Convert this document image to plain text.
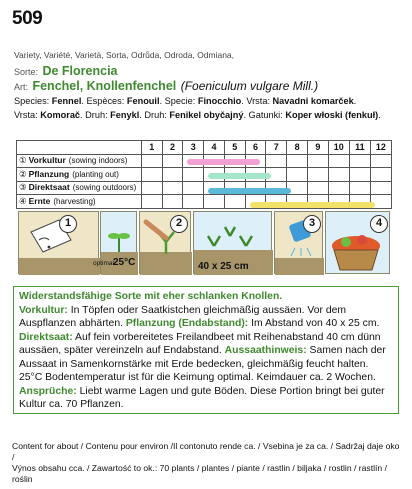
509
Variety, Variété, Varietà, Sorta, Odrůda, Odroda, Odmiana,
Sorte: De Florencia
Art: Fenchel, Knollenfenchel (Foeniculum vulgare Mill.)
Species: Fennel. Espèces: Fenouil. Specie: Finocchio. Vrsta: Navadni komarček.
Vrsta: Komorač. Druh: Fenykl. Druh: Fenikel obyčajný. Gatunki: Koper włoski (fenkuł).
	1	2	3	4	5	6	7	8	9	10	11	12
① Vorkultur (sowing indoors)												
② Pflanzung (planting out)												
③ Direktsaat (sowing outdoors)												
④ Ernte (harvesting)												
1
optimal:
25°C
2
40 x 25 cm
3	4
Widerstandsfähige Sorte mit eher schlanken Knollen.
Vorkultur: In Töpfen oder Saatkistchen gleichmäßig aussäen. Vor dem Auspflanzen abhärten. Pflanzung (Endabstand): Im Abstand von 40 x 25 cm. Direktsaat: Auf fein vorbereitetes Freilandbeet mit Reihenabstand 40 cm dünn aussäen, später vereinzeln auf Endabstand. Aussaathinweis: Samen nach der Aussaat in Samenkornstärke mit Erde bedecken, gleichmäßig feucht halten. 25°C Bodentemperatur ist für die Keimung optimal. Keimdauer ca. 2 Wochen. Ansprüche: Liebt warme Lagen und gute Böden. Diese Portion bringt bei guter Kultur ca. 70 Pflanzen.
Content for about / Contenu pour environ /Il contonuto rende ca. / Vsebina je za ca. / Sadržaj daje oko /
Výnos obsahu cca. / Zawartość to ok.: 70 plants / plantes / piante / rastlin / biljaka / rostlin / rastlín / roślin
